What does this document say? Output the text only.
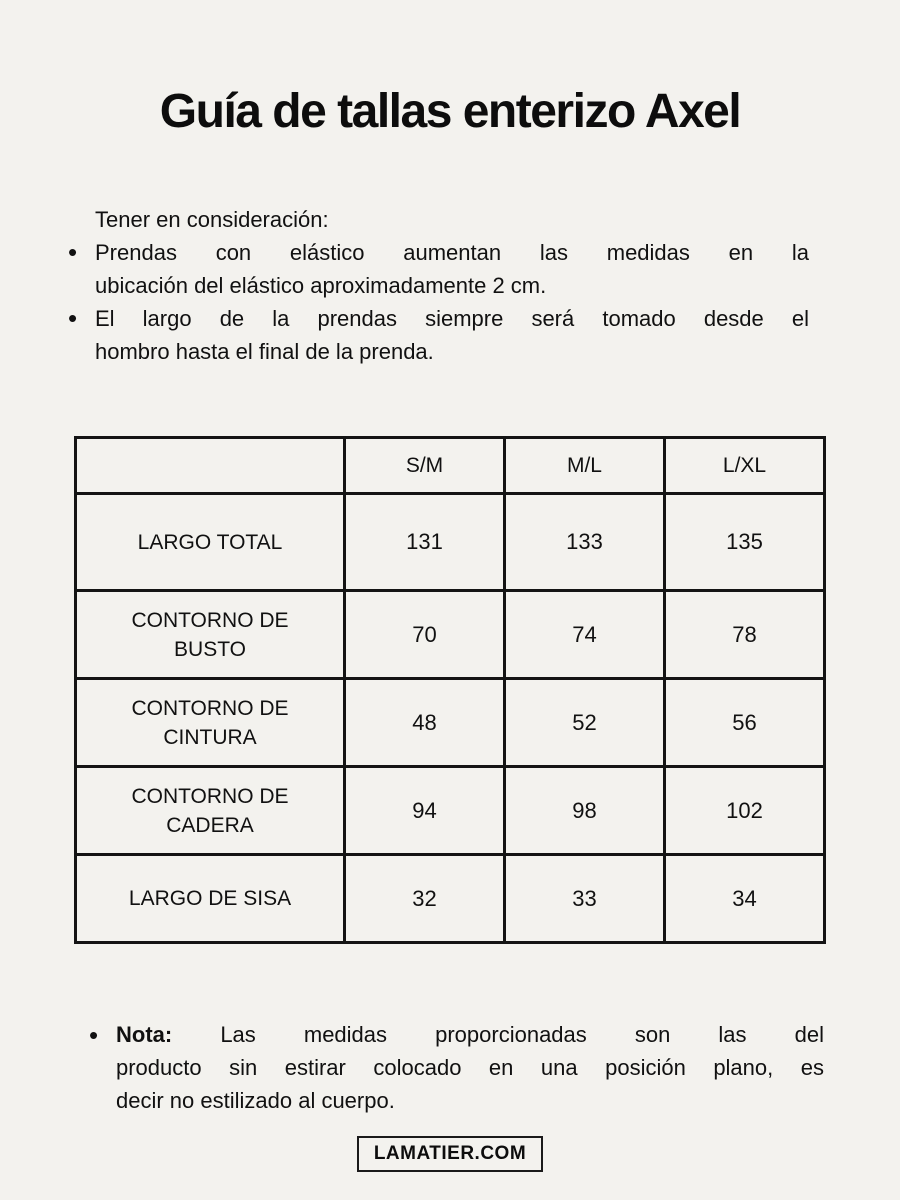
Guía de tallas enterizo Axel

Tener en consideración:

• Prendas con elástico aumentan las medidas en la
ubicación del elástico aproximadamente 2 cm.
• El largo de la prendas siempre será tomado desde el
hombro hasta el final de la prenda.
	S/M	M/L	L/XL
LARGO TOTAL	131	133	135
CONTORNO DE BUSTO	70	74	78
CONTORNO DE CINTURA	48	52	56
CONTORNO DE CADERA	94	98	102
LARGO DE SISA	32	33	34
• Nota: Las medidas proporcionadas son las del
producto sin estirar colocado en una posición plano, es
decir no estilizado al cuerpo.
LAMATIER.COM
